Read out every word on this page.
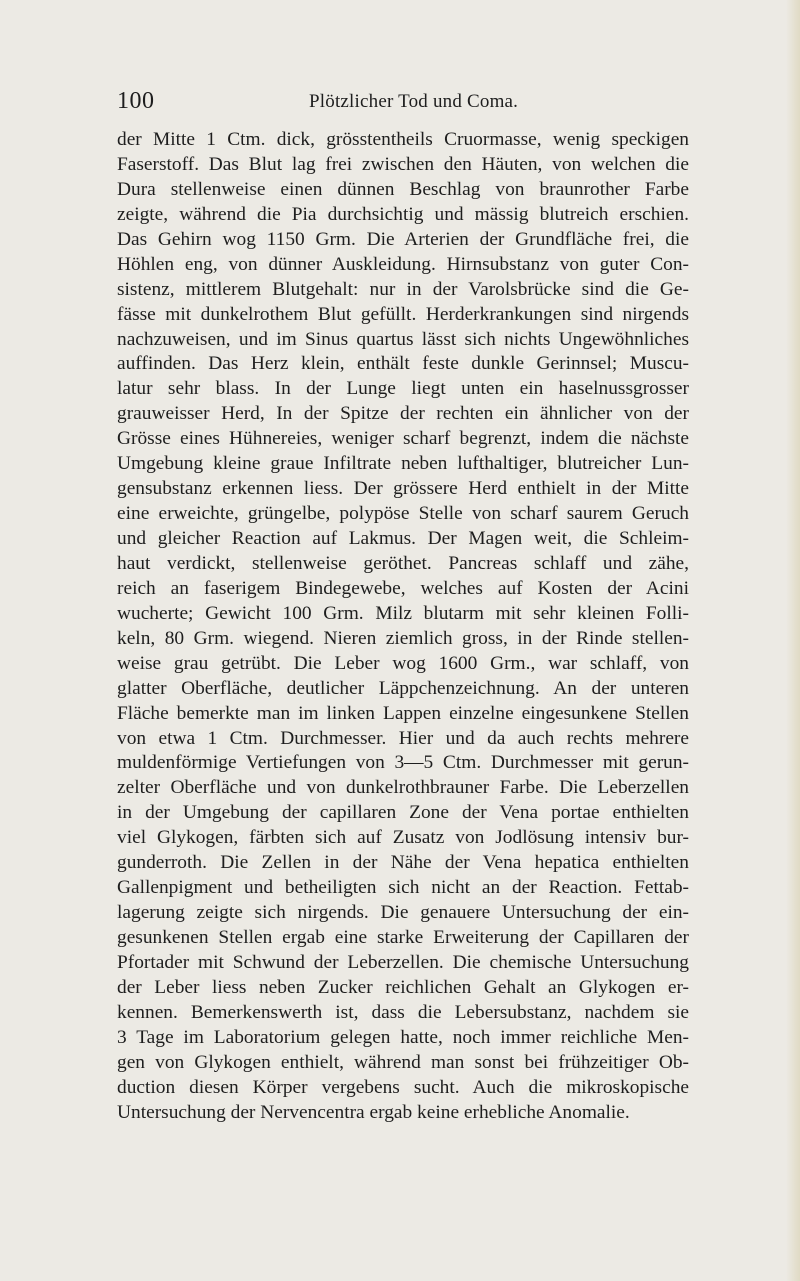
100	Plötzlicher Tod und Coma.
der Mitte 1 Ctm. dick, grösstentheils Cruormasse, wenig speckigen
Faserstoff. Das Blut lag frei zwischen den Häuten, von welchen die
Dura stellenweise einen dünnen Beschlag von braunrother Farbe
zeigte, während die Pia durchsichtig und mässig blutreich erschien.
Das Gehirn wog 1150 Grm. Die Arterien der Grundfläche frei, die
Höhlen eng, von dünner Auskleidung. Hirnsubstanz von guter Con-
sistenz, mittlerem Blutgehalt: nur in der Varolsbrücke sind die Ge-
fässe mit dunkelrothem Blut gefüllt. Herderkrankungen sind nirgends
nachzuweisen, und im Sinus quartus lässt sich nichts Ungewöhnliches
auffinden. Das Herz klein, enthält feste dunkle Gerinnsel; Muscu-
latur sehr blass. In der Lunge liegt unten ein haselnussgrosser
grauweisser Herd, In der Spitze der rechten ein ähnlicher von der
Grösse eines Hühnereies, weniger scharf begrenzt, indem die nächste
Umgebung kleine graue Infiltrate neben lufthaltiger, blutreicher Lun-
gensubstanz erkennen liess. Der grössere Herd enthielt in der Mitte
eine erweichte, grüngelbe, polypöse Stelle von scharf saurem Geruch
und gleicher Reaction auf Lakmus. Der Magen weit, die Schleim-
haut verdickt, stellenweise geröthet. Pancreas schlaff und zähe,
reich an faserigem Bindegewebe, welches auf Kosten der Acini
wucherte; Gewicht 100 Grm. Milz blutarm mit sehr kleinen Folli-
keln, 80 Grm. wiegend. Nieren ziemlich gross, in der Rinde stellen-
weise grau getrübt. Die Leber wog 1600 Grm., war schlaff, von
glatter Oberfläche, deutlicher Läppchenzeichnung. An der unteren
Fläche bemerkte man im linken Lappen einzelne eingesunkene Stellen
von etwa 1 Ctm. Durchmesser. Hier und da auch rechts mehrere
muldenförmige Vertiefungen von 3—5 Ctm. Durchmesser mit gerun-
zelter Oberfläche und von dunkelrothbrauner Farbe. Die Leberzellen
in der Umgebung der capillaren Zone der Vena portae enthielten
viel Glykogen, färbten sich auf Zusatz von Jodlösung intensiv bur-
gunderroth. Die Zellen in der Nähe der Vena hepatica enthielten
Gallenpigment und betheiligten sich nicht an der Reaction. Fettab-
lagerung zeigte sich nirgends. Die genauere Untersuchung der ein-
gesunkenen Stellen ergab eine starke Erweiterung der Capillaren der
Pfortader mit Schwund der Leberzellen. Die chemische Untersuchung
der Leber liess neben Zucker reichlichen Gehalt an Glykogen er-
kennen. Bemerkenswerth ist, dass die Lebersubstanz, nachdem sie
3 Tage im Laboratorium gelegen hatte, noch immer reichliche Men-
gen von Glykogen enthielt, während man sonst bei frühzeitiger Ob-
duction diesen Körper vergebens sucht. Auch die mikroskopische
Untersuchung der Nervencentra ergab keine erhebliche Anomalie.
